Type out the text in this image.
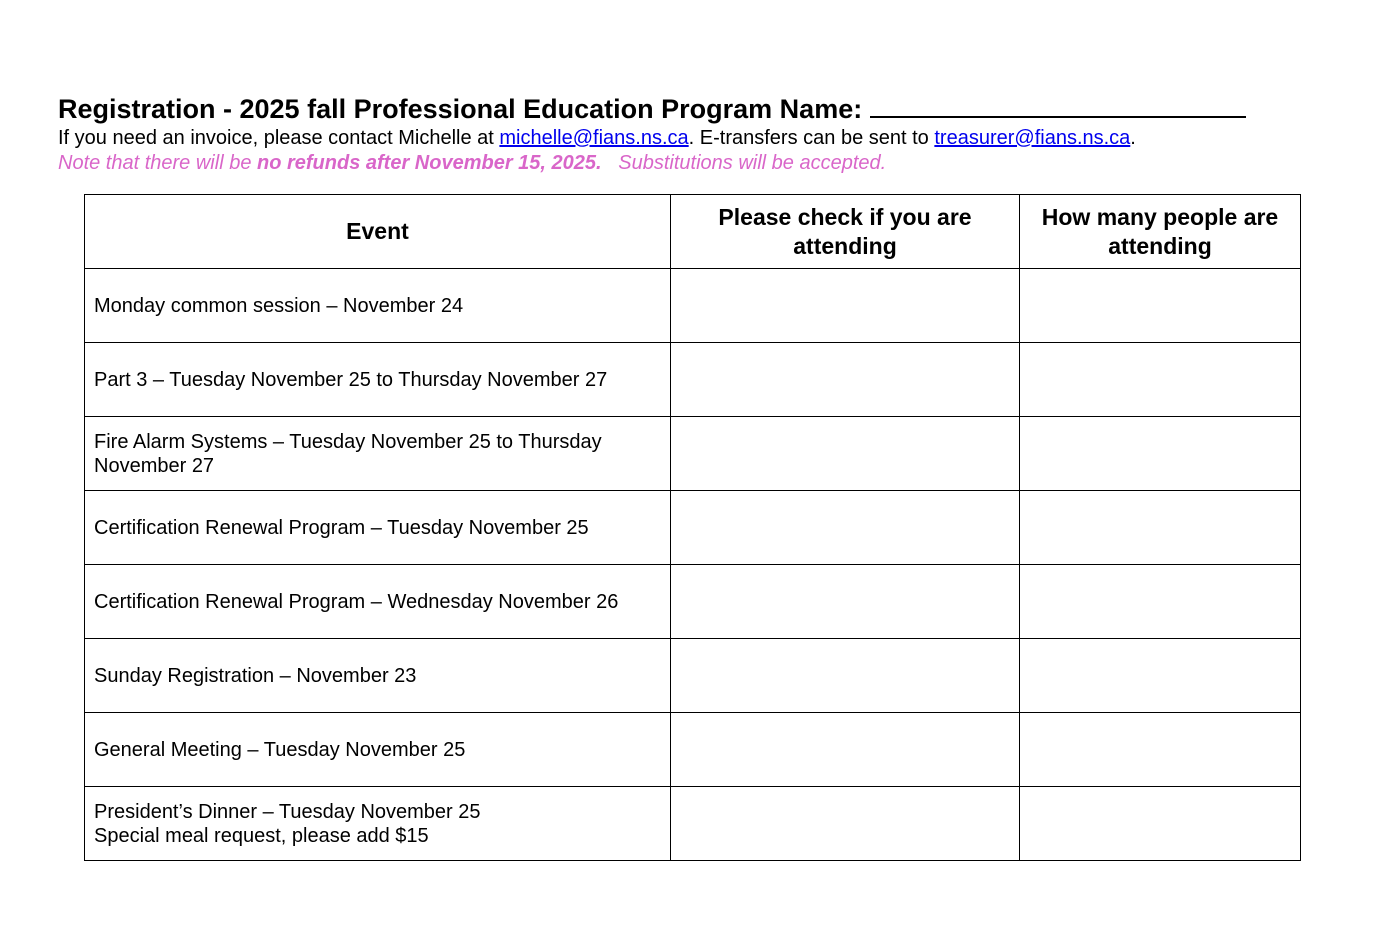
Registration - 2025 fall Professional Education Program Name:
If you need an invoice, please contact Michelle at michelle@fians.ns.ca. E-transfers can be sent to treasurer@fians.ns.ca.
Note that there will be no refunds after November 15, 2025.   Substitutions will be accepted.
Event	Please check if you are attending	How many people are attending

Monday common session – November 24		

Part 3 – Tuesday November 25 to Thursday November 27		

Fire Alarm Systems – Tuesday November 25 to Thursday
November 27		

Certification Renewal Program – Tuesday November 25		

Certification Renewal Program – Wednesday November 26		

Sunday Registration – November 23		

General Meeting – Tuesday November 25		

President’s Dinner – Tuesday November 25
Special meal request, please add $15		
